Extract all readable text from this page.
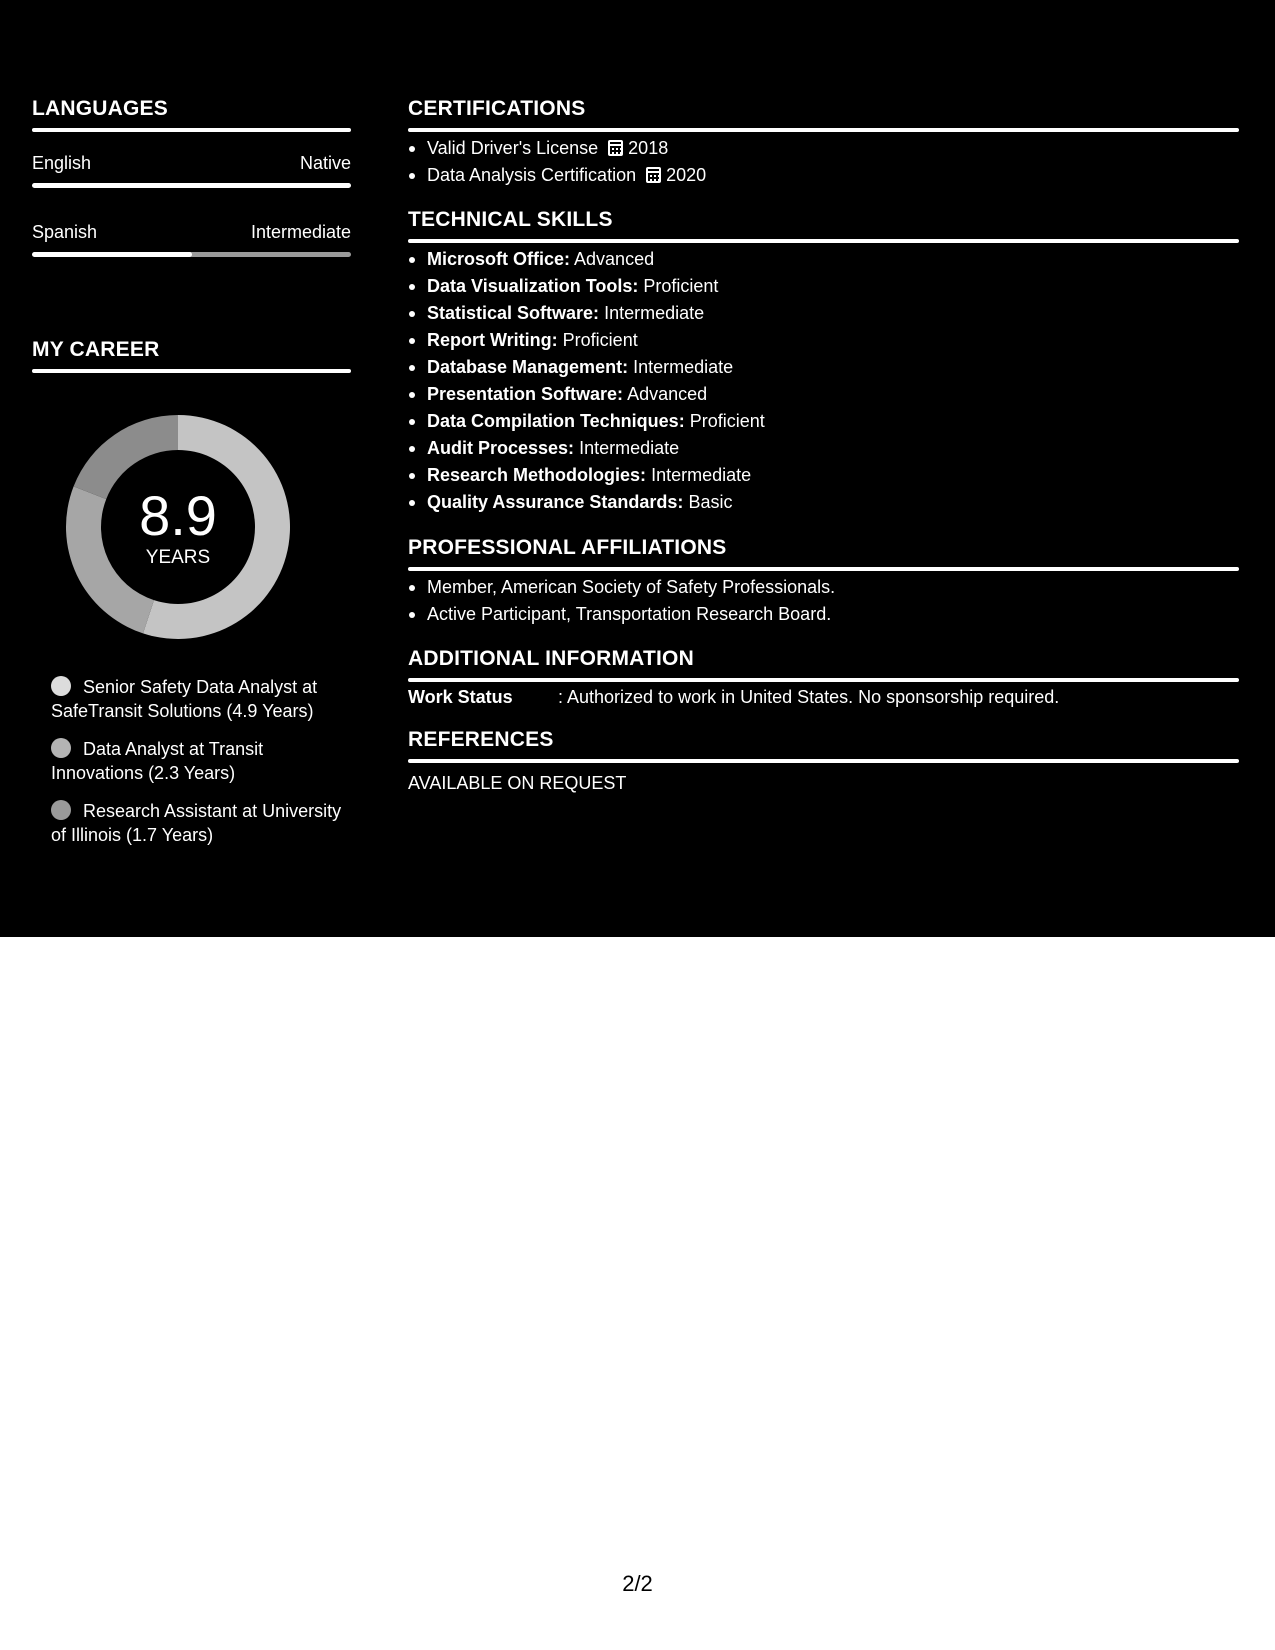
LANGUAGES
English	Native
Spanish	Intermediate
MY CAREER
8.9
YEARS
Senior Safety Data Analyst at SafeTransit Solutions (4.9 Years)
Data Analyst at Transit Innovations (2.3 Years)
Research Assistant at University of Illinois (1.7 Years)
CERTIFICATIONS
Valid Driver's License 2018
Data Analysis Certification 2020
TECHNICAL SKILLS
Microsoft Office: Advanced
Data Visualization Tools: Proficient
Statistical Software: Intermediate
Report Writing: Proficient
Database Management: Intermediate
Presentation Software: Advanced
Data Compilation Techniques: Proficient
Audit Processes: Intermediate
Research Methodologies: Intermediate
Quality Assurance Standards: Basic
PROFESSIONAL AFFILIATIONS
Member, American Society of Safety Professionals.
Active Participant, Transportation Research Board.
ADDITIONAL INFORMATION
Work Status	: Authorized to work in United States. No sponsorship required.
REFERENCES
AVAILABLE ON REQUEST
2/2
